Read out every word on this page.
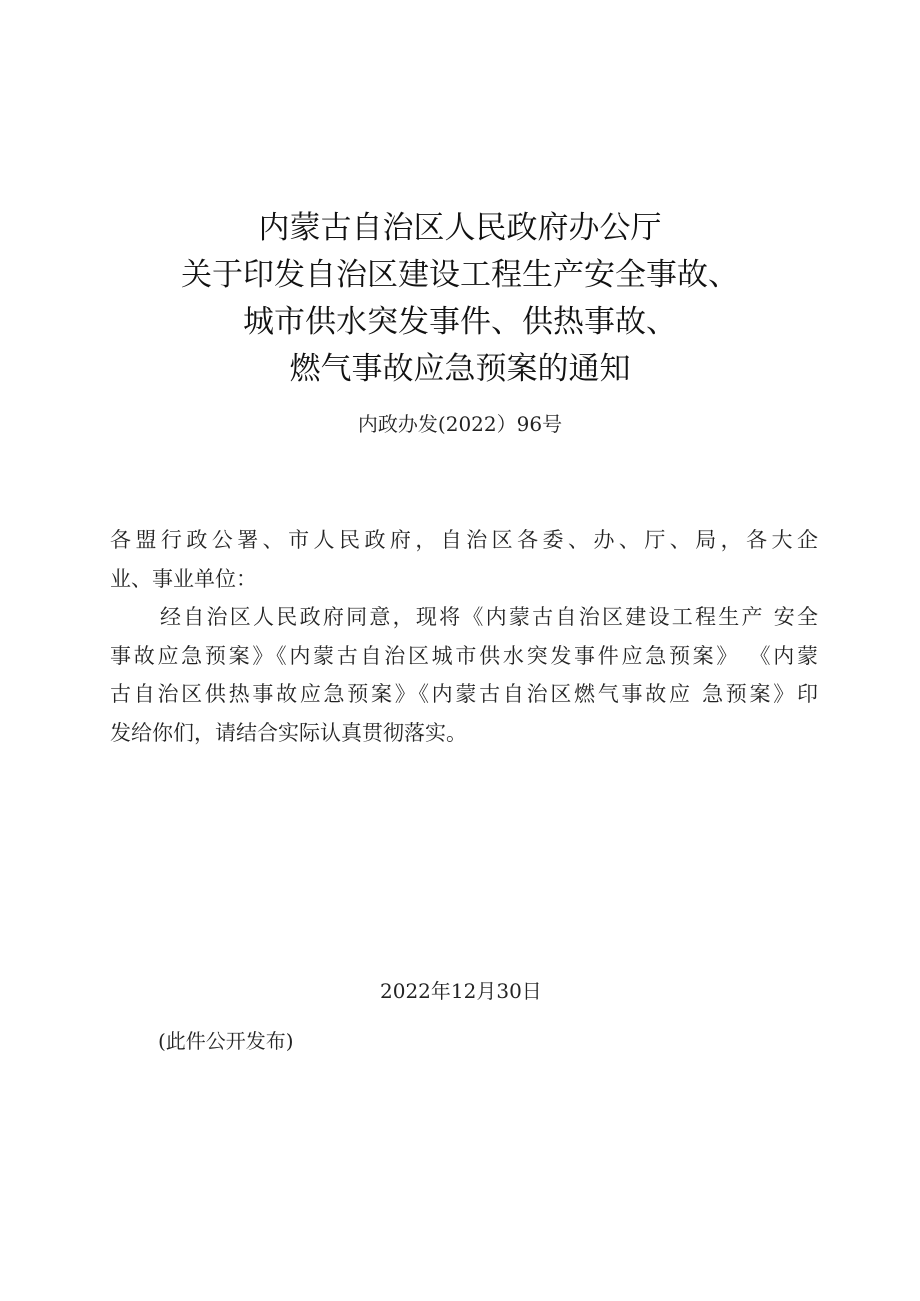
内蒙古自治区人民政府办公厅
关于印发自治区建设工程生产安全事故、
城市供水突发事件、供热事故、
燃气事故应急预案的通知
内政办发(2022）96号
各盟行政公署、市人民政府，自治区各委、办、厅、局，各大企
业、事业单位：
经自治区人民政府同意，现将《内蒙古自治区建设工程生产 安全
事故应急预案》《内蒙古自治区城市供水突发事件应急预案》 《内蒙
古自治区供热事故应急预案》《内蒙古自治区燃气事故应 急预案》印
发给你们，请结合实际认真贯彻落实。
2022年12月30日
(此件公开发布)
